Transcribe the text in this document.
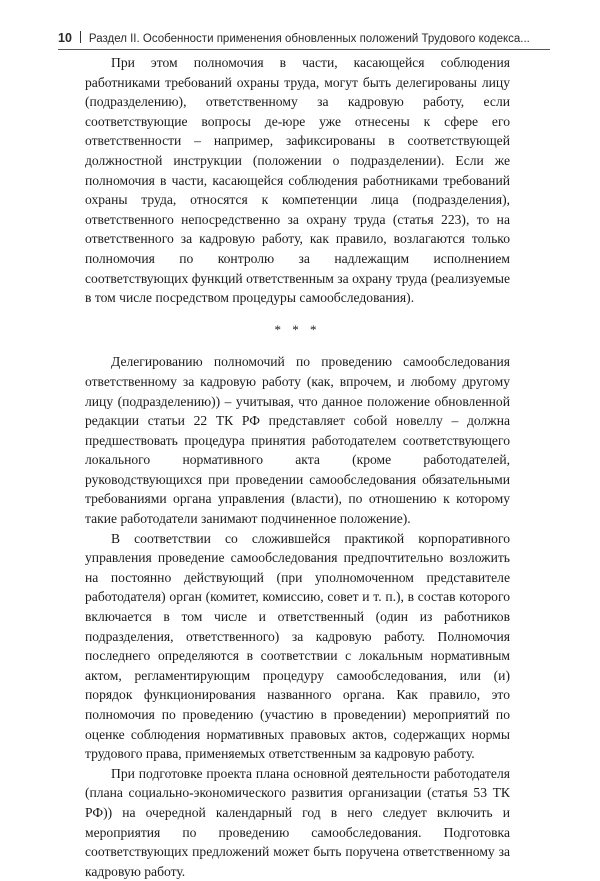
10 Раздел II. Особенности применения обновленных положений Трудового кодекса...

При этом полномочия в части, касающейся соблюдения работниками требований охраны труда, могут быть делегированы лицу (подразделению), ответственному за кадровую работу, если соответствующие вопросы де-юре уже отнесены к сфере его ответственности – например, зафиксированы в соответствующей должностной инструкции (положении о подразделении). Если же полномочия в части, касающейся соблюдения работниками требований охраны труда, относятся к компетенции лица (подразделения), ответственного непосредственно за охрану труда (статья 223), то на ответственного за кадровую работу, как правило, возлагаются только полномочия по контролю за надлежащим исполнением соответствующих функций ответственным за охрану труда (реализуемые в том числе посредством процедуры самообследования).

* * *

Делегированию полномочий по проведению самообследования ответственному за кадровую работу (как, впрочем, и любому другому лицу (подразделению)) – учитывая, что данное положение обновленной редакции статьи 22 ТК РФ представляет собой новеллу – должна предшествовать процедура принятия работодателем соответствующего локального нормативного акта (кроме работодателей, руководствующихся при проведении самообследования обязательными требованиями органа управления (власти), по отношению к которому такие работодатели занимают подчиненное положение).

В соответствии со сложившейся практикой корпоративного управления проведение самообследования предпочтительно возложить на постоянно действующий (при уполномоченном представителе работодателя) орган (комитет, комиссию, совет и т. п.), в состав которого включается в том числе и ответственный (один из работников подразделения, ответственного) за кадровую работу. Полномочия последнего определяются в соответствии с локальным нормативным актом, регламентирующим процедуру самообследования, или (и) порядок функционирования названного органа. Как правило, это полномочия по проведению (участию в проведении) мероприятий по оценке соблюдения нормативных правовых актов, содержащих нормы трудового права, применяемых ответственным за кадровую работу.

При подготовке проекта плана основной деятельности работодателя (плана социально-экономического развития организации (статья 53 ТК РФ)) на очередной календарный год в него следует включить и мероприятия по проведению самообследования. Подготовка соответствующих предложений может быть поручена ответственному за кадровую работу.
